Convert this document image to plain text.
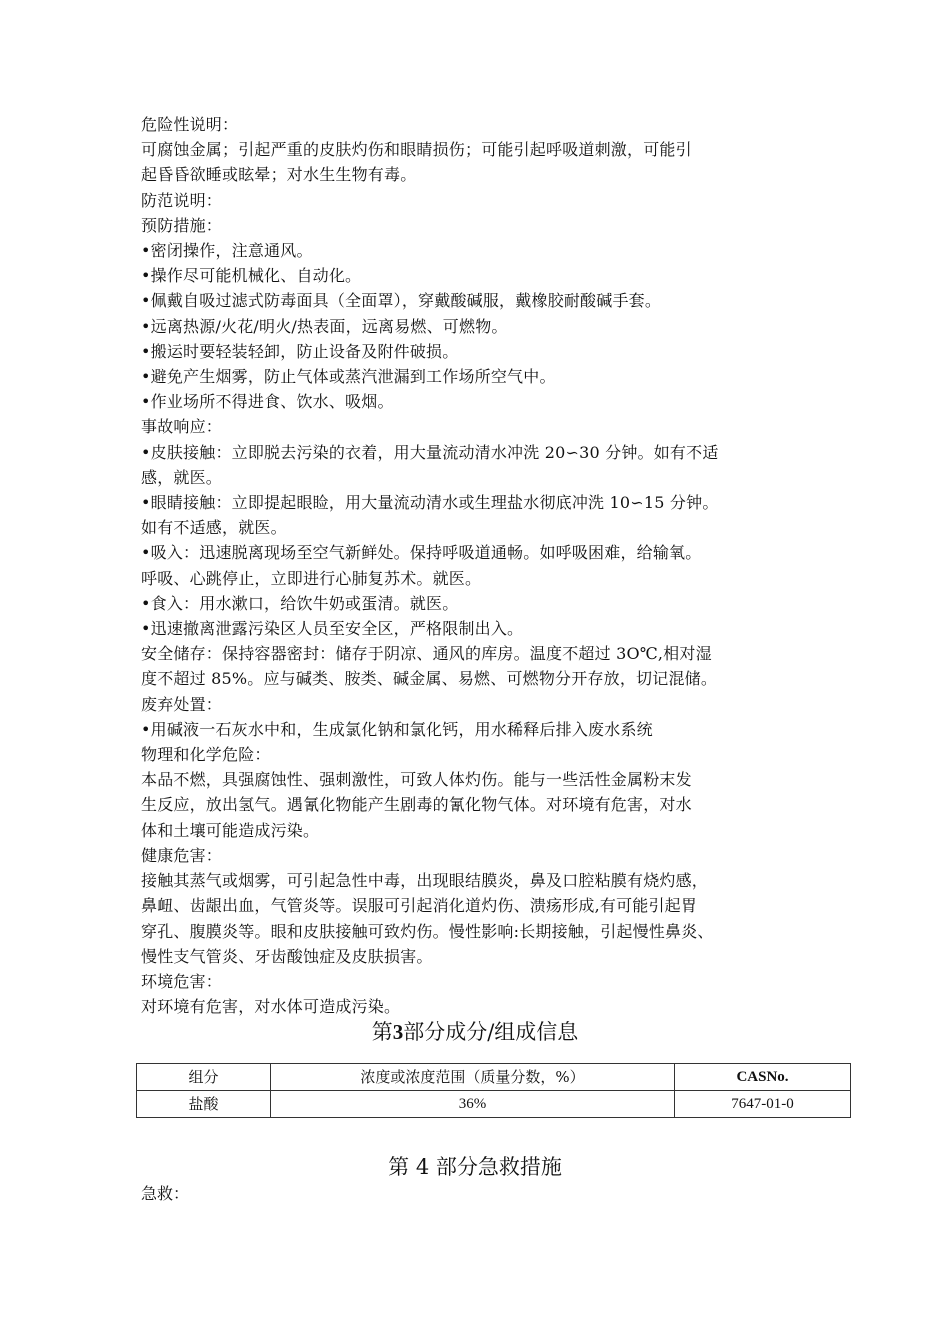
危险性说明：

可腐蚀金属；引起严重的皮肤灼伤和眼睛损伤；可能引起呼吸道刺激，可能引

起昏昏欲睡或眩晕；对水生生物有毒。

防范说明：

预防措施：

•密闭操作，注意通风。

•操作尽可能机械化、自动化。

•佩戴自吸过滤式防毒面具（全面罩），穿戴酸碱服，戴橡胶耐酸碱手套。

•远离热源/火花/明火/热表面，远离易燃、可燃物。

•搬运时要轻装轻卸，防止设备及附件破损。

•避免产生烟雾，防止气体或蒸汽泄漏到工作场所空气中。

•作业场所不得进食、饮水、吸烟。

事故响应：

•皮肤接触：立即脱去污染的衣着，用大量流动清水冲洗 20∽30 分钟。如有不适

感，就医。

•眼睛接触：立即提起眼睑，用大量流动清水或生理盐水彻底冲洗 10∽15 分钟。

如有不适感，就医。

•吸入：迅速脱离现场至空气新鲜处。保持呼吸道通畅。如呼吸困难，给输氧。

呼吸、心跳停止，立即进行心肺复苏术。就医。

•食入：用水漱口，给饮牛奶或蛋清。就医。

•迅速撤离泄露污染区人员至安全区，严格限制出入。

安全储存：保持容器密封：储存于阴凉、通风的库房。温度不超过 3O℃,相对湿

度不超过 85%。应与碱类、胺类、碱金属、易燃、可燃物分开存放，切记混储。

废弃处置：

•用碱液一石灰水中和，生成氯化钠和氯化钙，用水稀释后排入废水系统

物理和化学危险：

本品不燃，具强腐蚀性、强刺激性，可致人体灼伤。能与一些活性金属粉末发

生反应，放出氢气。遇氰化物能产生剧毒的氰化物气体。对环境有危害，对水

体和土壤可能造成污染。

健康危害：

接触其蒸气或烟雾，可引起急性中毒，出现眼结膜炎，鼻及口腔粘膜有烧灼感，

鼻衄、齿龈出血，气管炎等。误服可引起消化道灼伤、溃疡形成,有可能引起胃

穿孔、腹膜炎等。眼和皮肤接触可致灼伤。慢性影响:长期接触，引起慢性鼻炎、

慢性支气管炎、牙齿酸蚀症及皮肤损害。

环境危害：

对环境有危害，对水体可造成污染。

第3部分成分/组成信息
组分	浓度或浓度范围（质量分数，%）	CASNo.
盐酸	36%	7647-01-0
第 4 部分急救措施
急救：
